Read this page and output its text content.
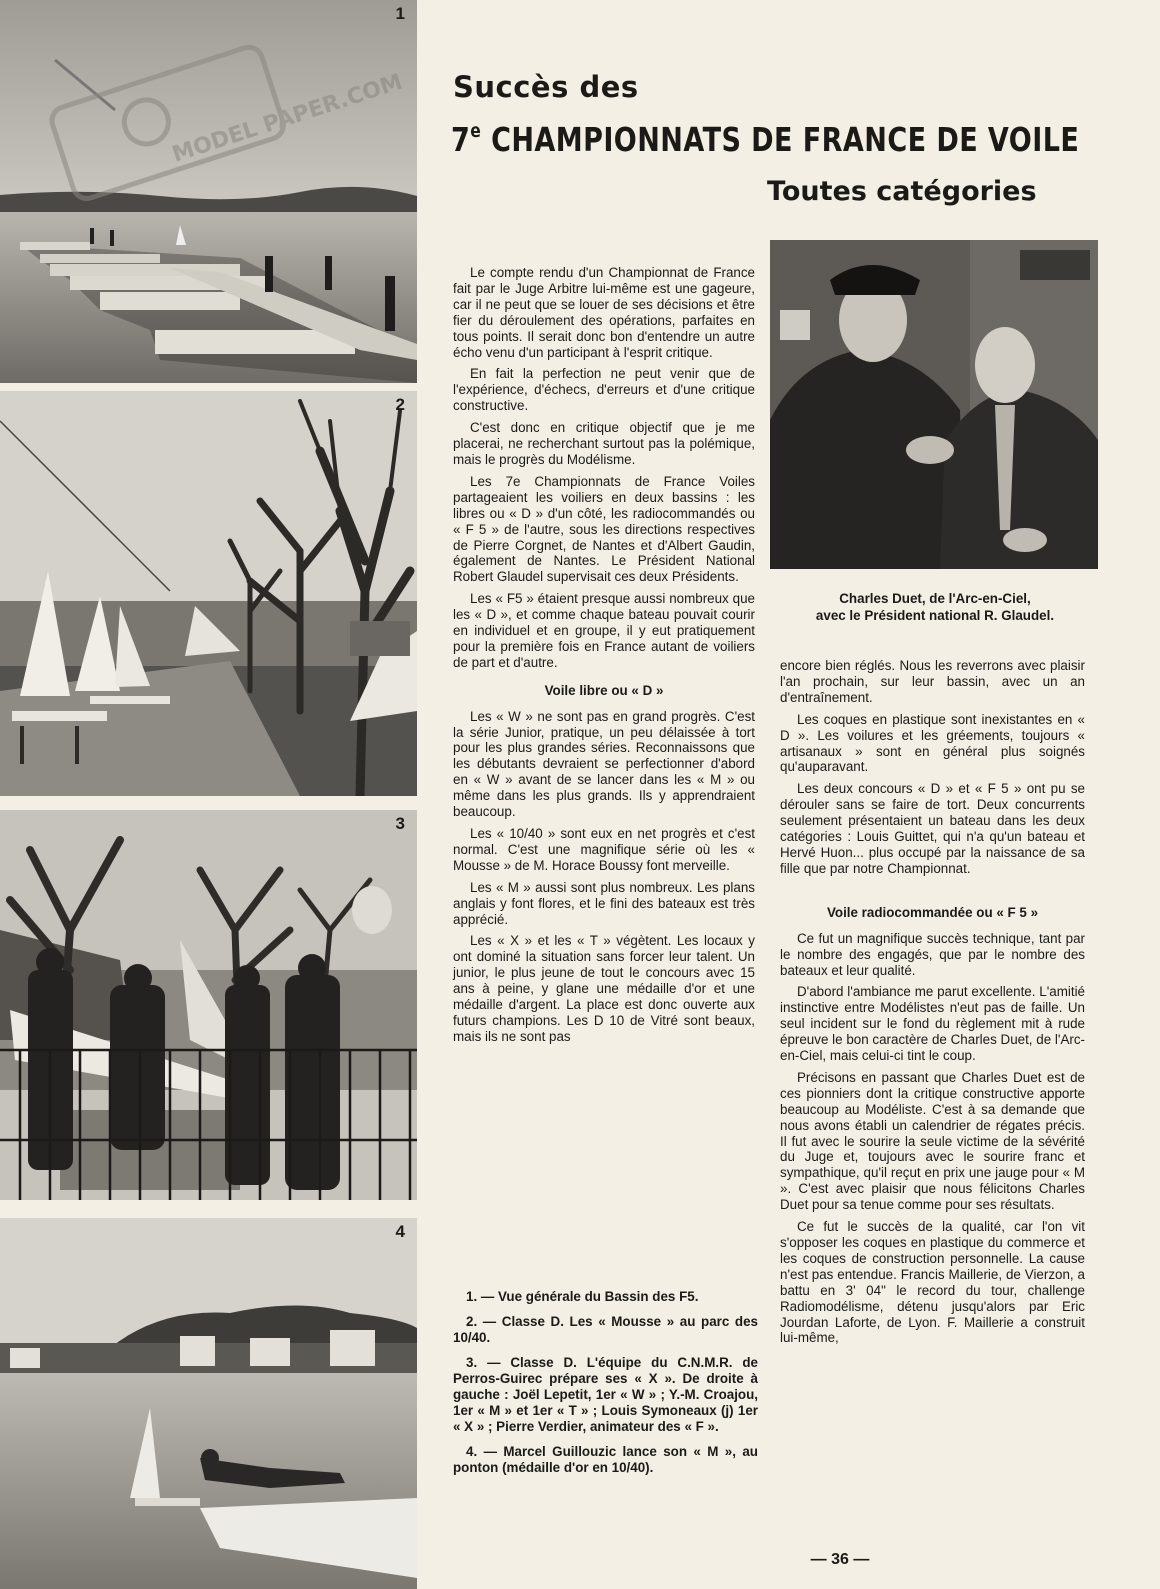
MODEL PAPER.COM
1
2
3
4
Succès des
7e CHAMPIONNATS DE FRANCE DE VOILE
Toutes catégories

Le compte rendu d'un Championnat de France fait par le Juge Arbitre lui-même est une gageure, car il ne peut que se louer de ses décisions et être fier du déroulement des opérations, parfaites en tous points. Il serait donc bon d'entendre un autre écho venu d'un participant à l'esprit critique.

En fait la perfection ne peut venir que de l'expérience, d'échecs, d'erreurs et d'une critique constructive.

C'est donc en critique objectif que je me placerai, ne recherchant surtout pas la polémique, mais le progrès du Modélisme.

Les 7e Championnats de France Voiles partageaient les voiliers en deux bassins : les libres ou « D » d'un côté, les radiocommandés ou « F 5 » de l'autre, sous les directions respectives de Pierre Corgnet, de Nantes et d'Albert Gaudin, également de Nantes. Le Président National Robert Glaudel supervisait ces deux Présidents.

Les « F5 » étaient presque aussi nombreux que les « D », et comme chaque bateau pouvait courir en individuel et en groupe, il y eut pratiquement pour la première fois en France autant de voiliers de part et d'autre.

Voile libre ou « D »

Les « W » ne sont pas en grand progrès. C'est la série Junior, pratique, un peu délaissée à tort pour les plus grandes séries. Reconnaissons que les débutants devraient se perfectionner d'abord en « W » avant de se lancer dans les « M » ou même dans les plus grands. Ils y apprendraient beaucoup.

Les « 10/40 » sont eux en net progrès et c'est normal. C'est une magnifique série où les « Mousse » de M. Horace Boussy font merveille.

Les « M » aussi sont plus nombreux. Les plans anglais y font flores, et le fini des bateaux est très apprécié.

Les « X » et les « T » végètent. Les locaux y ont dominé la situation sans forcer leur talent. Un junior, le plus jeune de tout le concours avec 15 ans à peine, y glane une médaille d'or et une médaille d'argent. La place est donc ouverte aux futurs champions. Les D 10 de Vitré sont beaux, mais ils ne sont pas

Charles Duet, de l'Arc-en-Ciel,
avec le Président national R. Glaudel.

encore bien réglés. Nous les reverrons avec plaisir l'an prochain, sur leur bassin, avec un an d'entraînement.

Les coques en plastique sont inexistantes en « D ». Les voilures et les gréements, toujours « artisanaux » sont en général plus soignés qu'auparavant.

Les deux concours « D » et « F 5 » ont pu se dérouler sans se faire de tort. Deux concurrents seulement présentaient un bateau dans les deux catégories : Louis Guittet, qui n'a qu'un bateau et Hervé Huon... plus occupé par la naissance de sa fille que par notre Championnat.

Voile radiocommandée ou « F 5 »

Ce fut un magnifique succès technique, tant par le nombre des engagés, que par le nombre des bateaux et leur qualité.

D'abord l'ambiance me parut excellente. L'amitié instinctive entre Modélistes n'eut pas de faille. Un seul incident sur le fond du règlement mit à rude épreuve le bon caractère de Charles Duet, de l'Arc-en-Ciel, mais celui-ci tint le coup.

Précisons en passant que Charles Duet est de ces pionniers dont la critique constructive apporte beaucoup au Modéliste. C'est à sa demande que nous avons établi un calendrier de régates précis. Il fut avec le sourire la seule victime de la sévérité du Juge et, toujours avec le sourire franc et sympathique, qu'il reçut en prix une jauge pour « M ». C'est avec plaisir que nous félicitons Charles Duet pour sa tenue comme pour ses résultats.

Ce fut le succès de la qualité, car l'on vit s'opposer les coques en plastique du commerce et les coques de construction personnelle. La cause n'est pas entendue. Francis Maillerie, de Vierzon, a battu en 3' 04" le record du tour, challenge Radiomodélisme, détenu jusqu'alors par Eric Jourdan Laforte, de Lyon. F. Maillerie a construit lui-même,

1. — Vue générale du Bassin des F5.
2. — Classe D. Les « Mousse » au parc des 10/40.
3. — Classe D. L'équipe du C.N.M.R. de Perros-Guirec prépare ses « X ». De droite à gauche : Joël Lepetit, 1er « W » ; Y.-M. Croajou, 1er « M » et 1er « T » ; Louis Symoneaux (j) 1er « X » ; Pierre Verdier, animateur des « F ».
4. — Marcel Guillouzic lance son « M », au ponton (médaille d'or en 10/40).
— 36 —
